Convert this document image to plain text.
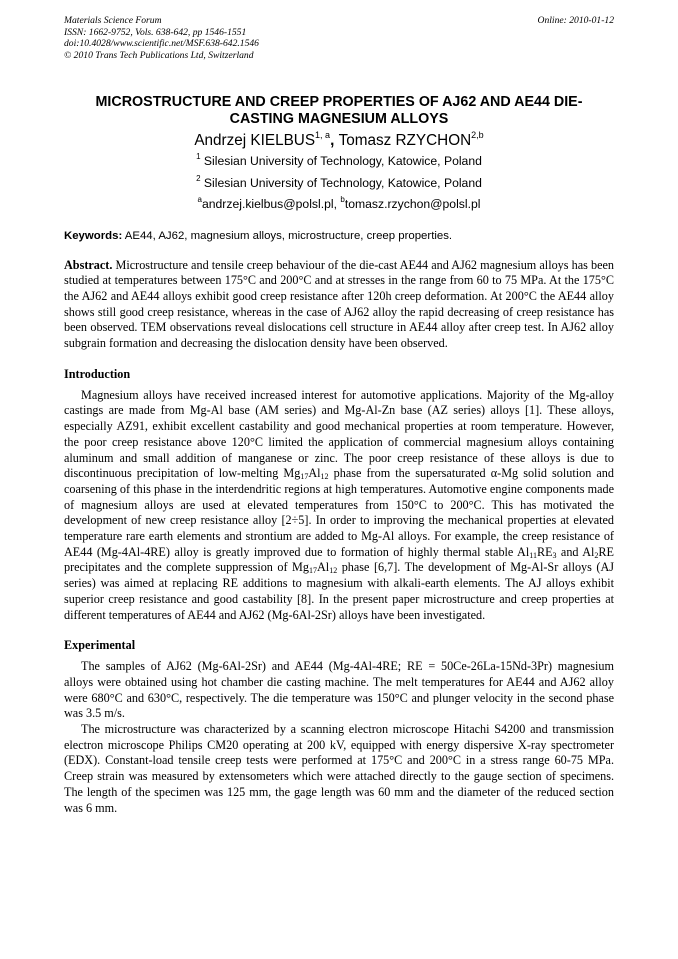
Materials Science Forum
ISSN: 1662-9752, Vols. 638-642, pp 1546-1551
doi:10.4028/www.scientific.net/MSF.638-642.1546
© 2010 Trans Tech Publications Ltd, Switzerland
Online: 2010-01-12
MICROSTRUCTURE AND CREEP PROPERTIES OF AJ62 AND AE44 DIE-
CASTING MAGNESIUM ALLOYS
Andrzej KIELBUS$^{1, a}$, Tomasz RZYCHON$^{2,b}$
$^1$ Silesian University of Technology, Katowice, Poland
$^2$ Silesian University of Technology, Katowice, Poland
$^a$andrzej.kielbus@polsl.pl, $^b$tomasz.rzychon@polsl.pl
Keywords: AE44, AJ62, magnesium alloys, microstructure, creep properties.
Abstract. Microstructure and tensile creep behaviour of the die-cast AE44 and AJ62 magnesium alloys has been studied at temperatures between 175°C and 200°C and at stresses in the range from 60 to 75 MPa. At the 175°C the AJ62 and AE44 alloys exhibit good creep resistance after 120h creep deformation. At 200°C the AE44 alloy shows still good creep resistance, whereas in the case of AJ62 alloy the rapid decreasing of creep resistance has been observed. TEM observations reveal dislocations cell structure in AE44 alloy after creep test. In AJ62 alloy subgrain formation and decreasing the dislocation density have been observed.
Introduction
Magnesium alloys have received increased interest for automotive applications. Majority of the Mg-alloy castings are made from Mg-Al base (AM series) and Mg-Al-Zn base (AZ series) alloys [1]. These alloys, especially AZ91, exhibit excellent castability and good mechanical properties at room temperature. However, the poor creep resistance above 120°C limited the application of commercial magnesium alloys containing aluminum and small addition of manganese or zinc. The poor creep resistance of these alloys is due to discontinuous precipitation of low-melting $Mg_{17}Al_{12}$ phase from the supersaturated α-Mg solid solution and coarsening of this phase in the interdendritic regions at high temperatures. Automotive engine components made of magnesium alloys are used at elevated temperatures from 150°C to 200°C. This has motivated the development of new creep resistance alloy [2÷5]. In order to improving the mechanical properties at elevated temperature rare earth elements and strontium are added to Mg-Al alloys. For example, the creep resistance of AE44 (Mg-4Al-4RE) alloy is greatly improved due to formation of highly thermal stable $Al_{11}RE_3$ and $Al_2RE$ precipitates and the complete suppression of $Mg_{17}Al_{12}$ phase [6,7]. The development of Mg-Al-Sr alloys (AJ series) was aimed at replacing RE additions to magnesium with alkali-earth elements. The AJ alloys exhibit superior creep resistance and good castability [8]. In the present paper microstructure and creep properties at different temperatures of AE44 and AJ62 (Mg-6Al-2Sr) alloys have been investigated.
Experimental
The samples of AJ62 (Mg-6Al-2Sr) and AE44 (Mg-4Al-4RE; RE = 50Ce-26La-15Nd-3Pr) magnesium alloys were obtained using hot chamber die casting machine. The melt temperatures for AE44 and AJ62 alloy were 680°C and 630°C, respectively. The die temperature was 150°C and plunger velocity in the second phase was 3.5 m/s.
The microstructure was characterized by a scanning electron microscope Hitachi S4200 and transmission electron microscope Philips CM20 operating at 200 kV, equipped with energy dispersive X-ray spectrometer (EDX). Constant-load tensile creep tests were performed at 175°C and 200°C in a stress range 60-75 MPa. Creep strain was measured by extensometers which were attached directly to the gauge section of specimens. The length of the specimen was 125 mm, the gage length was 60 mm and the diameter of the reduced section was 6 mm.
